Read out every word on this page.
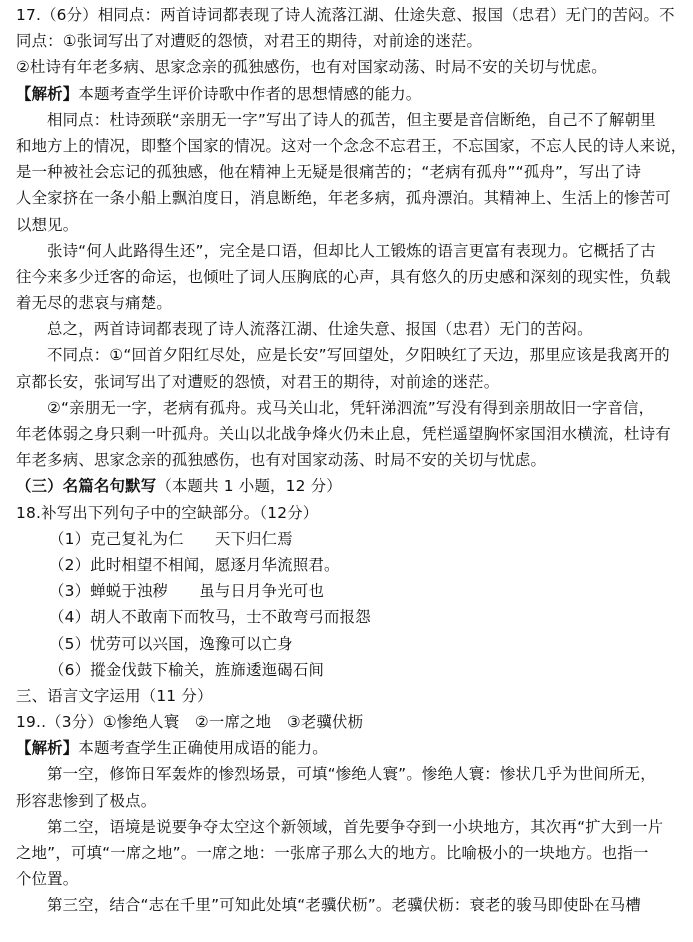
17.（6分）相同点：两首诗词都表现了诗人流落江湖、仕途失意、报国（忠君）无门的苦闷。不
同点：①张词写出了对遭贬的怨愤，对君王的期待，对前途的迷茫。
②杜诗有年老多病、思家念亲的孤独感伤，也有对国家动荡、时局不安的关切与忧虑。
【解析】本题考查学生评价诗歌中作者的思想情感的能力。
相同点：杜诗颈联“亲朋无一字”写出了诗人的孤苦，但主要是音信断绝，自己不了解朝里
和地方上的情况，即整个国家的情况。这对一个念念不忘君王，不忘国家，不忘人民的诗人来说，
是一种被社会忘记的孤独感，他在精神上无疑是很痛苦的；“老病有孤舟”“孤舟”，写出了诗
人全家挤在一条小船上飘泊度日，消息断绝，年老多病，孤舟漂泊。其精神上、生活上的惨苦可
以想见。
张诗“何人此路得生还”，完全是口语，但却比人工锻炼的语言更富有表现力。它概括了古
往今来多少迁客的命运，也倾吐了词人压胸底的心声，具有悠久的历史感和深刻的现实性，负载
着无尽的悲哀与痛楚。
总之，两首诗词都表现了诗人流落江湖、仕途失意、报国（忠君）无门的苦闷。
不同点：①“回首夕阳红尽处，应是长安”写回望处，夕阳映红了天边，那里应该是我离开的
京都长安，张词写出了对遭贬的怨愤，对君王的期待，对前途的迷茫。
②“亲朋无一字，老病有孤舟。戎马关山北，凭轩涕泗流”写没有得到亲朋故旧一字音信，
年老体弱之身只剩一叶孤舟。关山以北战争烽火仍未止息，凭栏遥望胸怀家国泪水横流，杜诗有
年老多病、思家念亲的孤独感伤，也有对国家动荡、时局不安的关切与忧虑。
（三）名篇名句默写（本题共 1 小题，12 分）
18.补写出下列句子中的空缺部分。（12分）
（1）克己复礼为仁　　天下归仁焉
（2）此时相望不相闻，愿逐月华流照君。
（3）蝉蜕于浊秽　　虽与日月争光可也
（4）胡人不敢南下而牧马，士不敢弯弓而报怨
（5）忧劳可以兴国，逸豫可以亡身
（6）摐金伐鼓下榆关，旌旆逶迤碣石间
三、语言文字运用（11 分）
19..（3分）①惨绝人寰　②一席之地　③老骥伏枥
【解析】本题考查学生正确使用成语的能力。
第一空，修饰日军轰炸的惨烈场景，可填“惨绝人寰”。惨绝人寰：惨状几乎为世间所无，
形容悲惨到了极点。
第二空，语境是说要争夺太空这个新领域，首先要争夺到一小块地方，其次再“扩大到一片
之地”，可填“一席之地”。一席之地：一张席子那么大的地方。比喻极小的一块地方。也指一
个位置。
第三空，结合“志在千里”可知此处填“老骥伏枥”。老骥伏枥：衰老的骏马即使卧在马槽
